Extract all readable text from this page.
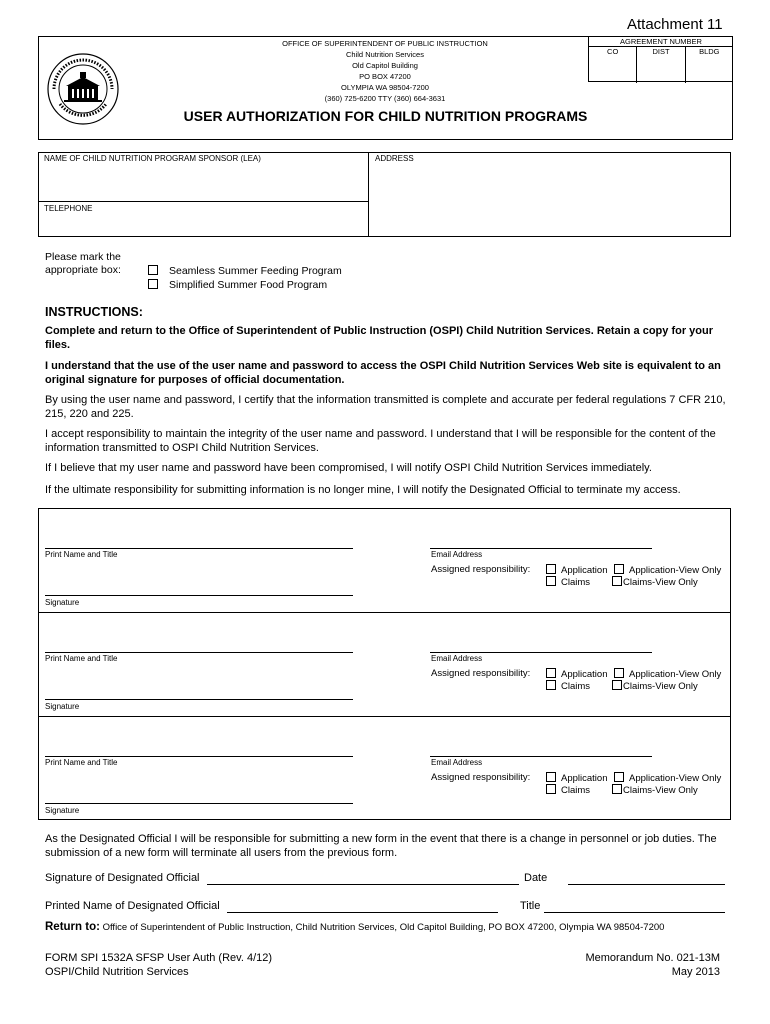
Attachment 11
OFFICE OF SUPERINTENDENT OF PUBLIC INSTRUCTION
Child Nutrition Services
Old Capitol Building
PO BOX 47200
OLYMPIA WA 98504-7200
(360) 725-6200 TTY (360) 664-3631
AGREEMENT NUMBER
CO	DIST	BLDG
USER AUTHORIZATION FOR CHILD NUTRITION PROGRAMS
NAME OF CHILD NUTRITION PROGRAM SPONSOR (LEA)	ADDRESS
TELEPHONE
Please mark the
appropriate box:	Seamless Summer Feeding Program
Simplified Summer Food Program
INSTRUCTIONS:
Complete and return to the Office of Superintendent of Public Instruction (OSPI) Child Nutrition Services. Retain a copy for your files.
I understand that the use of the user name and password to access the OSPI Child Nutrition Services Web site is equivalent to an original signature for purposes of official documentation.
By using the user name and password, I certify that the information transmitted is complete and accurate per federal regulations 7 CFR 210, 215, 220 and 225.
I accept responsibility to maintain the integrity of the user name and password. I understand that I will be responsible for the content of the information transmitted to OSPI Child Nutrition Services.
If I believe that my user name and password have been compromised, I will notify OSPI Child Nutrition Services immediately.
If the ultimate responsibility for submitting information is no longer mine, I will notify the Designated Official to terminate my access.
Print Name and Title	Email Address
Assigned responsibility:	Application	Application-View Only
Claims	Claims-View Only
Signature
Print Name and Title	Email Address
Assigned responsibility:	Application	Application-View Only
Claims	Claims-View Only
Signature
Print Name and Title	Email Address
Assigned responsibility:	Application	Application-View Only
Claims	Claims-View Only
Signature
As the Designated Official I will be responsible for submitting a new form in the event that there is a change in personnel or job duties. The submission of a new form will terminate all users from the previous form.
Signature of Designated Official	Date
Printed Name of Designated Official	Title
Return to: Office of Superintendent of Public Instruction, Child Nutrition Services, Old Capitol Building, PO BOX 47200, Olympia WA 98504-7200
FORM SPI 1532A SFSP User Auth (Rev. 4/12)
OSPI/Child Nutrition Services
Memorandum No. 021-13M
May 2013
